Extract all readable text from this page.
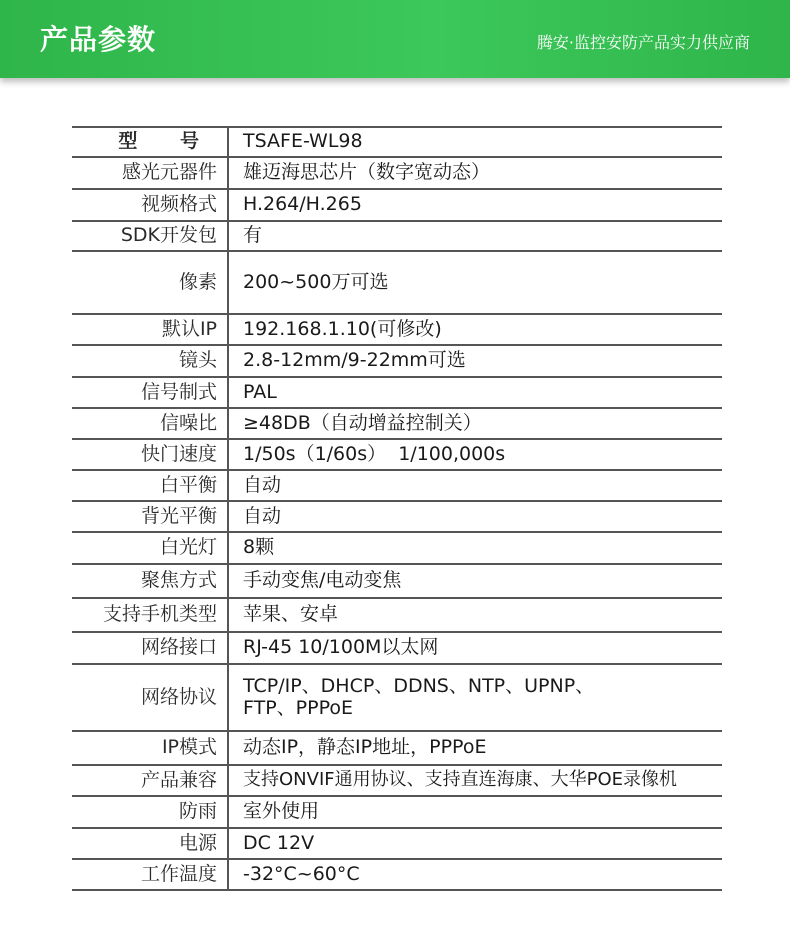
产品参数	腾安·监控安防产品实力供应商
型 号	TSAFE-WL98
感光元器件	雄迈海思芯片（数字宽动态）
视频格式	H.264/H.265
SDK开发包	有
像素	200~500万可选
默认IP	192.168.1.10(可修改)
镜头	2.8-12mm/9-22mm可选
信号制式	PAL
信噪比	≥48DB（自动增益控制关）
快门速度	1/50s（1/60s）  1/100,000s
白平衡	自动
背光平衡	自动
白光灯	8颗
聚焦方式	手动变焦/电动变焦
支持手机类型	苹果、安卓
网络接口	RJ-45 10/100M以太网
网络协议	TCP/IP、DHCP、DDNS、NTP、UPNP、
FTP、PPPoE

IP模式	动态IP，静态IP地址，PPPoE
产品兼容	支持ONVIF通用协议、支持直连海康、大华POE录像机
防雨	室外使用
电源	DC 12V
工作温度	-32°C~60°C
